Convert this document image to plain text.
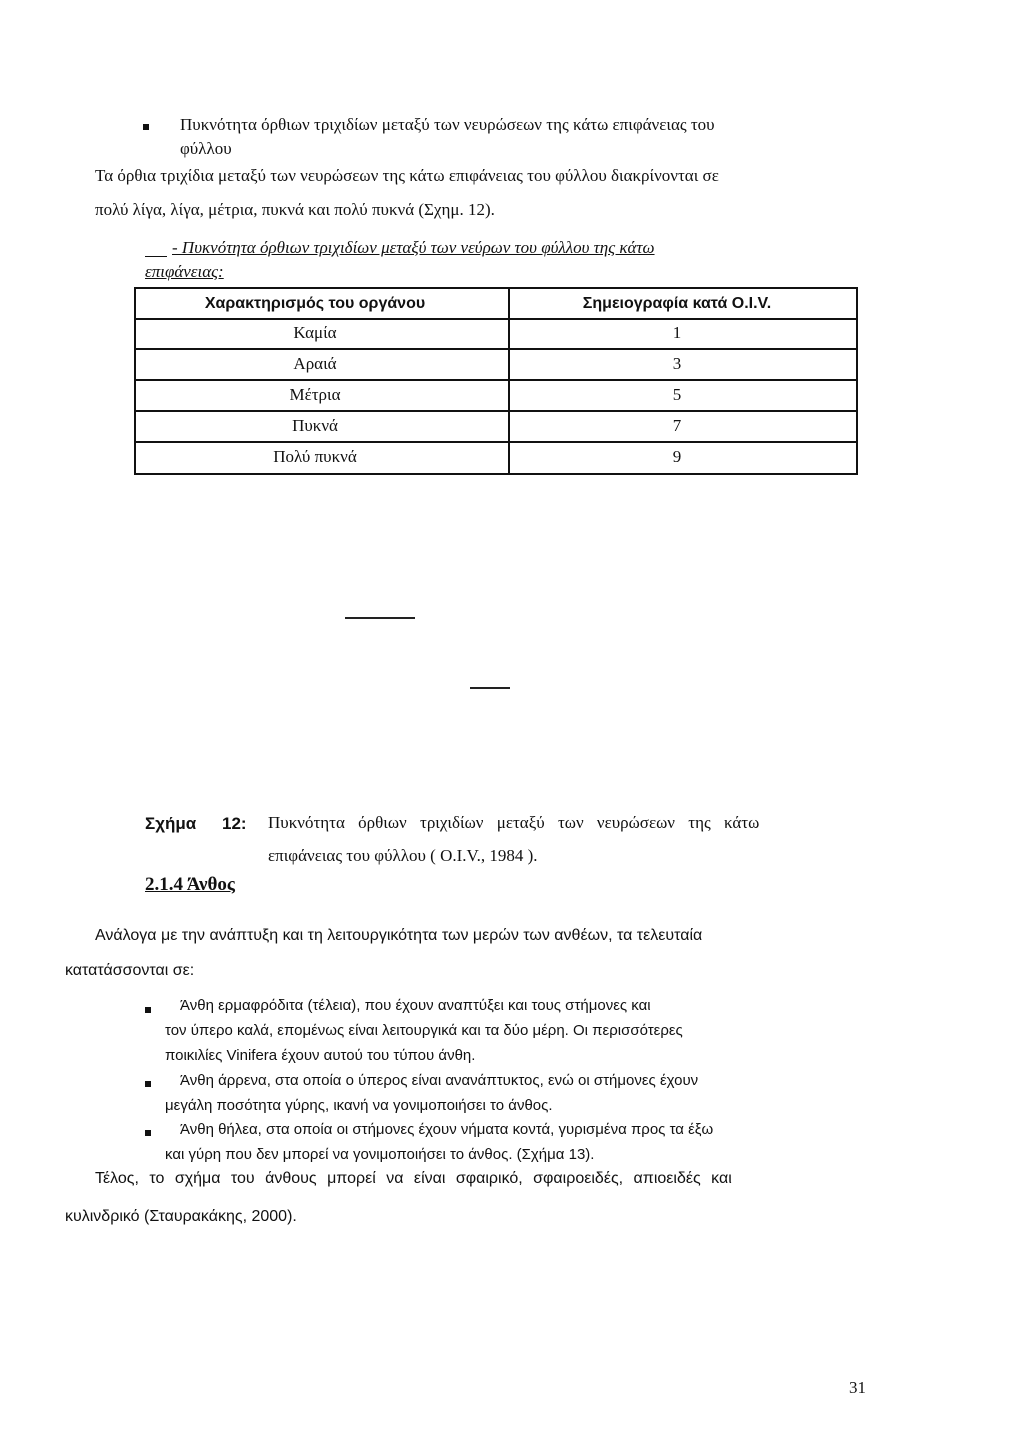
Πυκνότητα όρθιων τριχιδίων μεταξύ των νευρώσεων της κάτω επιφάνειας του
φύλλου
Τα όρθια τριχίδια μεταξύ των νευρώσεων της κάτω επιφάνειας του φύλλου διακρίνονται σε
πολύ λίγα, λίγα, μέτρια, πυκνά και πολύ πυκνά (Σχημ. 12).
- Πυκνότητα όρθιων τριχιδίων μεταξύ των νεύρων του φύλλου της κάτω
επιφάνειας:
Χαρακτηρισμός του οργάνου	Σημειογραφία κατά O.I.V.
Καμία	1
Αραιά	3
Μέτρια	5
Πυκνά	7
Πολύ πυκνά	9
Σχήμα 12: Πυκνότητα όρθιων τριχιδίων μεταξύ των νευρώσεων της κάτω
επιφάνειας του φύλλου ( O.I.V., 1984 ).
2.1.4 Άνθος
Ανάλογα με την ανάπτυξη και τη λειτουργικότητα των μερών των ανθέων, τα τελευταία
κατατάσσονται σε:
Άνθη ερμαφρόδιτα (τέλεια), που έχουν αναπτύξει και τους στήμονες και
τον ύπερο καλά, επομένως είναι λειτουργικά και τα δύο μέρη. Οι περισσότερες
ποικιλίες Vinifera έχουν αυτού του τύπου άνθη.
Άνθη άρρενα, στα οποία ο ύπερος είναι ανανάπτυκτος, ενώ οι στήμονες έχουν
μεγάλη ποσότητα γύρης, ικανή να γονιμοποιήσει το άνθος.
Άνθη θήλεα, στα οποία οι στήμονες έχουν νήματα κοντά, γυρισμένα προς τα έξω
και γύρη που δεν μπορεί να γονιμοποιήσει το άνθος. (Σχήμα 13).
Τέλος, το σχήμα του άνθους μπορεί να είναι σφαιρικό, σφαιροειδές, απιοειδές και
κυλινδρικό (Σταυρακάκης, 2000).
31
